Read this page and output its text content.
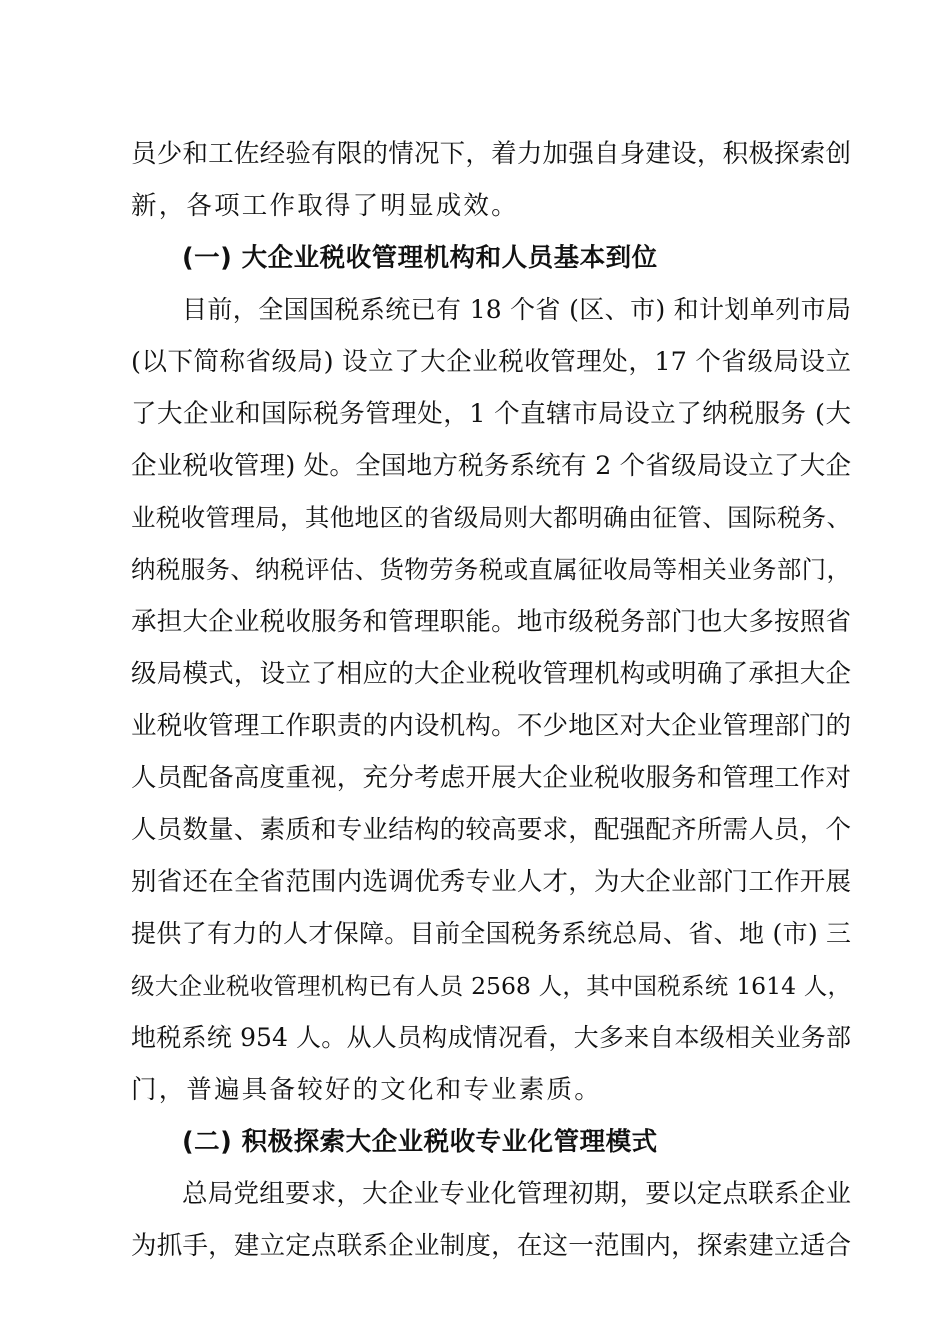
员少和工佐经验有限的情况下，着力加强自身建设，积极探索创
新，各项工作取得了明显成效。
(一) 大企业税收管理机构和人员基本到位
目前，全国国税系统已有 18 个省 (区、市) 和计划单列市局
(以下简称省级局) 设立了大企业税收管理处，17 个省级局设立
了大企业和国际税务管理处，1 个直辖市局设立了纳税服务 (大
企业税收管理) 处。全国地方税务系统有 2 个省级局设立了大企
业税收管理局，其他地区的省级局则大都明确由征管、国际税务、
纳税服务、纳税评估、货物劳务税或直属征收局等相关业务部门，
承担大企业税收服务和管理职能。地市级税务部门也大多按照省
级局模式，设立了相应的大企业税收管理机构或明确了承担大企
业税收管理工作职责的内设机构。不少地区对大企业管理部门的
人员配备高度重视，充分考虑开展大企业税收服务和管理工作对
人员数量、素质和专业结构的较高要求，配强配齐所需人员，个
别省还在全省范围内选调优秀专业人才，为大企业部门工作开展
提供了有力的人才保障。目前全国税务系统总局、省、地 (市) 三
级大企业税收管理机构已有人员 2568 人，其中国税系统 1614 人，
地税系统 954 人。从人员构成情况看，大多来自本级相关业务部
门，普遍具备较好的文化和专业素质。
(二) 积极探索大企业税收专业化管理模式
总局党组要求，大企业专业化管理初期，要以定点联系企业
为抓手，建立定点联系企业制度，在这一范围内，探索建立适合
